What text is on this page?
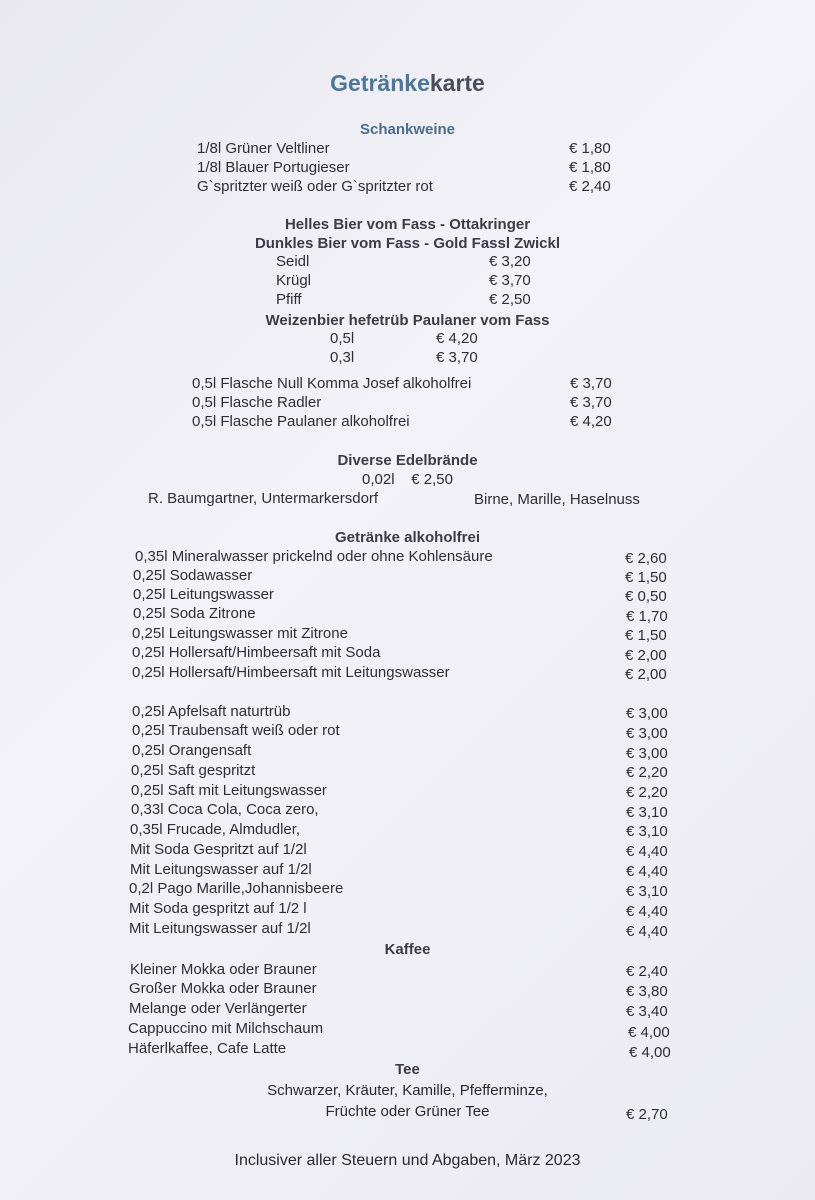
Getränkekarte
Schankweine
1/8l Grüner Veltliner	€ 1,80
1/8l Blauer Portugieser	€ 1,80
G`spritzter weiß oder G`spritzter rot	€ 2,40
Helles Bier vom Fass - Ottakringer
Dunkles Bier vom Fass - Gold Fassl Zwickl
Seidl	€ 3,20
Krügl	€ 3,70
Pfiff	€ 2,50
Weizenbier hefetrüb Paulaner vom Fass
0,5l	€ 4,20
0,3l	€ 3,70
0,5l Flasche Null Komma Josef alkoholfrei	€ 3,70
0,5l Flasche Radler	€ 3,70
0,5l Flasche Paulaner alkoholfrei	€ 4,20
Diverse Edelbrände
0,02l    € 2,50
R. Baumgartner, Untermarkersdorf	Birne, Marille, Haselnuss
Getränke alkoholfrei
0,35l Mineralwasser prickelnd oder ohne Kohlensäure	€ 2,60
0,25l Sodawasser	€ 1,50
0,25l Leitungswasser	€ 0,50
0,25l Soda Zitrone	€ 1,70
0,25l Leitungswasser mit Zitrone	€ 1,50
0,25l Hollersaft/Himbeersaft mit Soda	€ 2,00
0,25l Hollersaft/Himbeersaft mit Leitungswasser	€ 2,00
0,25l Apfelsaft naturtrüb	€ 3,00
0,25l Traubensaft weiß oder rot	€ 3,00
0,25l Orangensaft	€ 3,00
0,25l Saft gespritzt	€ 2,20
0,25l Saft mit Leitungswasser	€ 2,20
0,33l Coca Cola, Coca zero,	€ 3,10
0,35l Frucade, Almdudler,	€ 3,10
Mit Soda Gespritzt auf 1/2l	€ 4,40
Mit Leitungswasser auf 1/2l	€ 4,40
0,2l Pago Marille,Johannisbeere	€ 3,10
Mit Soda gespritzt auf 1/2 l	€ 4,40
Mit Leitungswasser auf 1/2l	€ 4,40
Kaffee
Kleiner Mokka oder Brauner	€ 2,40
Großer Mokka oder Brauner	€ 3,80
Melange oder Verlängerter	€ 3,40
Cappuccino mit Milchschaum	€ 4,00
Häferlkaffee, Cafe Latte	€ 4,00
Tee
Schwarzer, Kräuter, Kamille, Pfefferminze,
Früchte oder Grüner Tee	€ 2,70
Inclusiver aller Steuern und Abgaben, März 2023
